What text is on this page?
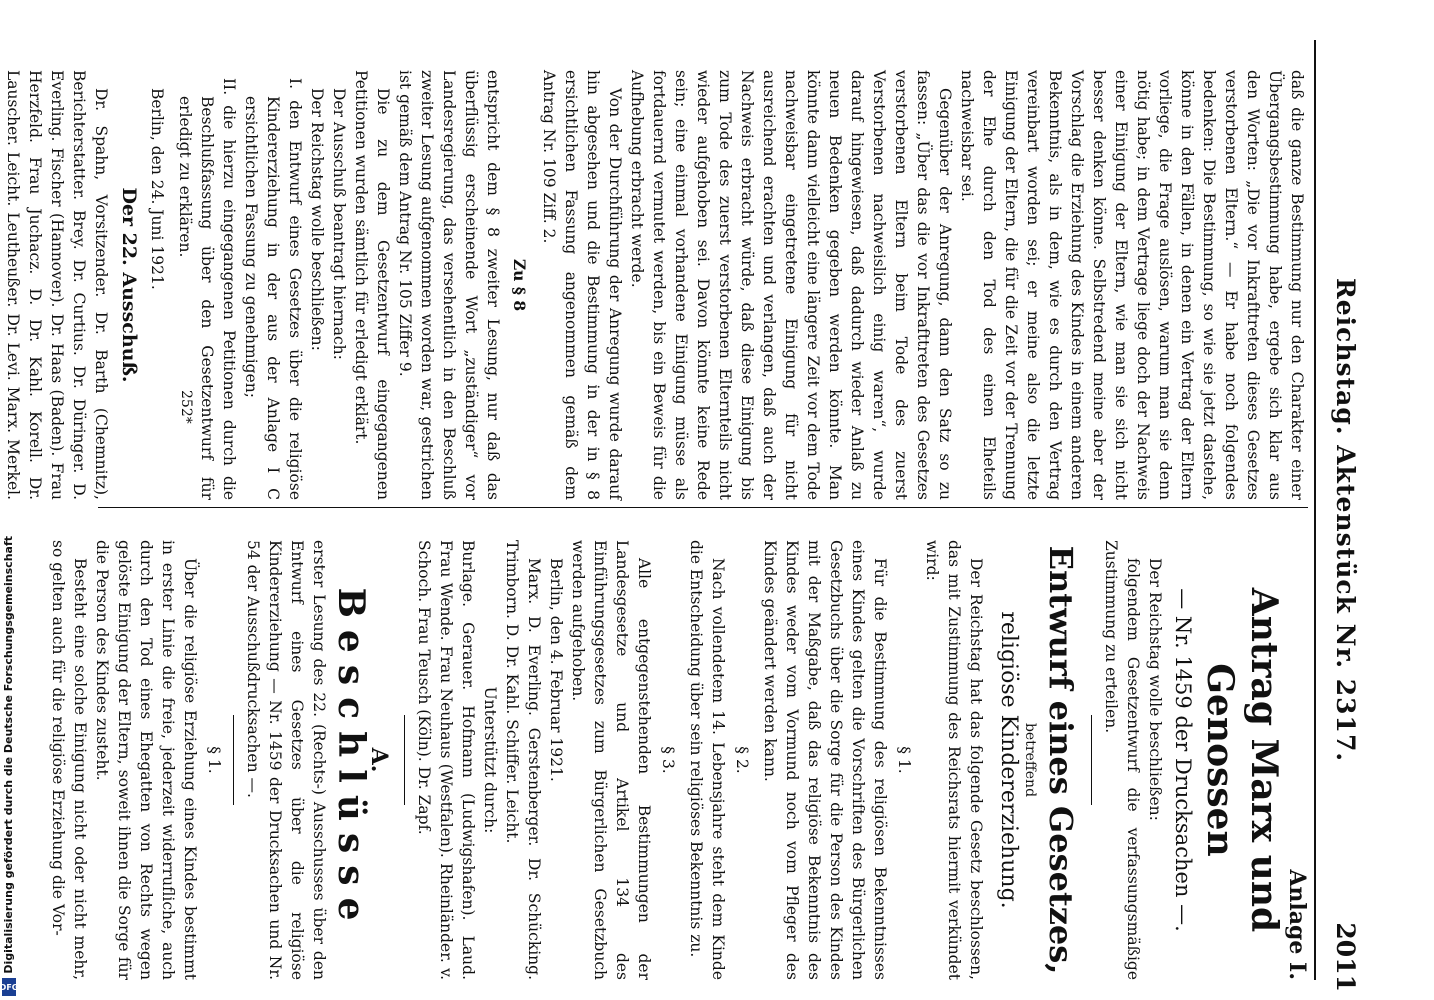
Digitalisierung gefördert durch die Deutsche Forschungsgemeinschaft
DFG
Reichstag. Aktenstück Nr. 2317.
2011

daß die ganze Bestimmung nur den Charakter einer Übergangsbestimmung habe, ergebe sich klar aus den Worten: „Die vor Inkrafttreten dieses Gesetzes verstorbenen Eltern.“ — Er habe noch folgendes bedenken: Die Bestimmung, so wie sie jetzt dastehe, könne in den Fällen, in denen ein Vertrag der Eltern vorliege, die Frage auslösen, warum man sie denn nötig habe; in dem Vertrage liege doch der Nachweis einer Einigung der Eltern, wie man sie sich nicht besser denken könne. Selbstredend meine aber der Vorschlag die Erziehung des Kindes in einem anderen Bekenntnis, als in dem, wie es durch den Vertrag vereinbart worden sei; er meine also die letzte Einigung der Eltern, die für die Zeit vor der Trennung der Ehe durch den Tod des einen Eheteils nachweisbar sei.

Gegenüber der Anregung, dann den Satz so zu fassen: „Über das die vor Inkrafttreten des Gesetzes verstorbenen Eltern beim Tode des zuerst Verstorbenen nachweislich einig waren“, wurde darauf hingewiesen, daß dadurch wieder Anlaß zu neuen Bedenken gegeben werden könnte. Man könnte dann vielleicht eine längere Zeit vor dem Tode nachweisbar eingetretene Einigung für nicht ausreichend erachten und verlangen, daß auch der Nachweis erbracht würde, daß diese Einigung bis zum Tode des zuerst verstorbenen Elternteils nicht wieder aufgehoben sei. Davon könnte keine Rede sein; eine einmal vorhandene Einigung müsse als fortdauernd vermutet werden, bis ein Beweis für die Aufhebung erbracht werde.

Von der Durchführung der Anregung wurde darauf hin abgesehen und die Bestimmung in der in § 8 ersichtlichen Fassung angenommen gemäß dem Antrag Nr. 109 Ziff. 2.

Zu § 8

entspricht dem § 8 zweiter Lesung, nur daß das überflüssig erscheinende Wort „zuständiger“ vor Landesregierung, das versehentlich in den Beschluß zweiter Lesung aufgenommen worden war, gestrichen ist gemäß dem Antrag Nr. 105 Ziffer 9.

Die zu dem Gesetzentwurf eingegangenen Petitionen wurden sämtlich für erledigt erklärt.

Der Ausschuß beantragt hiernach:

Der Reichstag wolle beschließen:

I. den Entwurf eines Gesetzes über die religiöse Kindererziehung in der aus der Anlage I C ersichtlichen Fassung zu genehmigen;

II. die hierzu eingegangenen Petitionen durch die Beschlußfassung über den Gesetzentwurf für erledigt zu erklären.

Berlin, den 24. Juni 1921.

Der 22. Ausschuß.

Dr. Spahn, Vorsitzender. Dr. Barth (Chemnitz), Berichterstatter. Brey. Dr. Curtius. Dr. Düringer. D. Everling. Fischer (Hannover). Dr. Haas (Baden). Frau Herzfeld. Frau Juchacz. D. Dr. Kahl. Korell. Dr. Lauscher. Leicht. Leutheußer. Dr. Levi. Marx. Merkel.

Anlage I.
Antrag Marx und Genossen
— Nr. 1459 der Drucksachen —.

Der Reichstag wolle beschließen:

folgendem Gesetzentwurf die verfassungsmäßige Zustimmung zu erteilen.

Entwurf eines Gesetzes,
betreffend
religiöse Kindererziehung.

Der Reichstag hat das folgende Gesetz beschlossen, das mit Zustimmung des Reichsrats hiermit verkündet wird:

§ 1.

Für die Bestimmung des religiösen Bekenntnisses eines Kindes gelten die Vorschriften des Bürgerlichen Gesetzbuchs über die Sorge für die Person des Kindes mit der Maßgabe, daß das religiöse Bekenntnis des Kindes weder vom Vormund noch vom Pfleger des Kindes geändert werden kann.

§ 2.

Nach vollendetem 14. Lebensjahre steht dem Kinde die Entscheidung über sein religiöses Bekenntnis zu.

§ 3.

Alle entgegenstehenden Bestimmungen der Landesgesetze und Artikel 134 des Einführungsgesetzes zum Bürgerlichen Gesetzbuch werden aufgehoben.

Berlin, den 4. Februar 1921.

Marx. D. Everling. Gerstenberger. Dr. Schücking. Trimborn. D. Dr. Kahl. Schiffer. Leicht.

Unterstützt durch:

Burlage. Gerauer. Hofmann (Ludwigshafen). Laud. Frau Wende. Frau Neuhaus (Westfalen). Rheinländer. v. Schoch. Frau Teusch (Köln). Dr. Zapf.

A.
Beschlüsse

erster Lesung des 22. (Rechts-) Ausschusses über den Entwurf eines Gesetzes über die religiöse Kindererziehung — Nr. 1459 der Drucksachen und Nr. 54 der Ausschußdrucksachen —.

§ 1.

Über die religiöse Erziehung eines Kindes bestimmt in erster Linie die freie, jederzeit widerrufliche, auch durch den Tod eines Ehegatten von Rechts wegen gelöste Einigung der Eltern, soweit ihnen die Sorge für die Person des Kindes zusteht.

Besteht eine solche Einigung nicht oder nicht mehr, so gelten auch für die religiöse Erziehung die Vor-

252*
